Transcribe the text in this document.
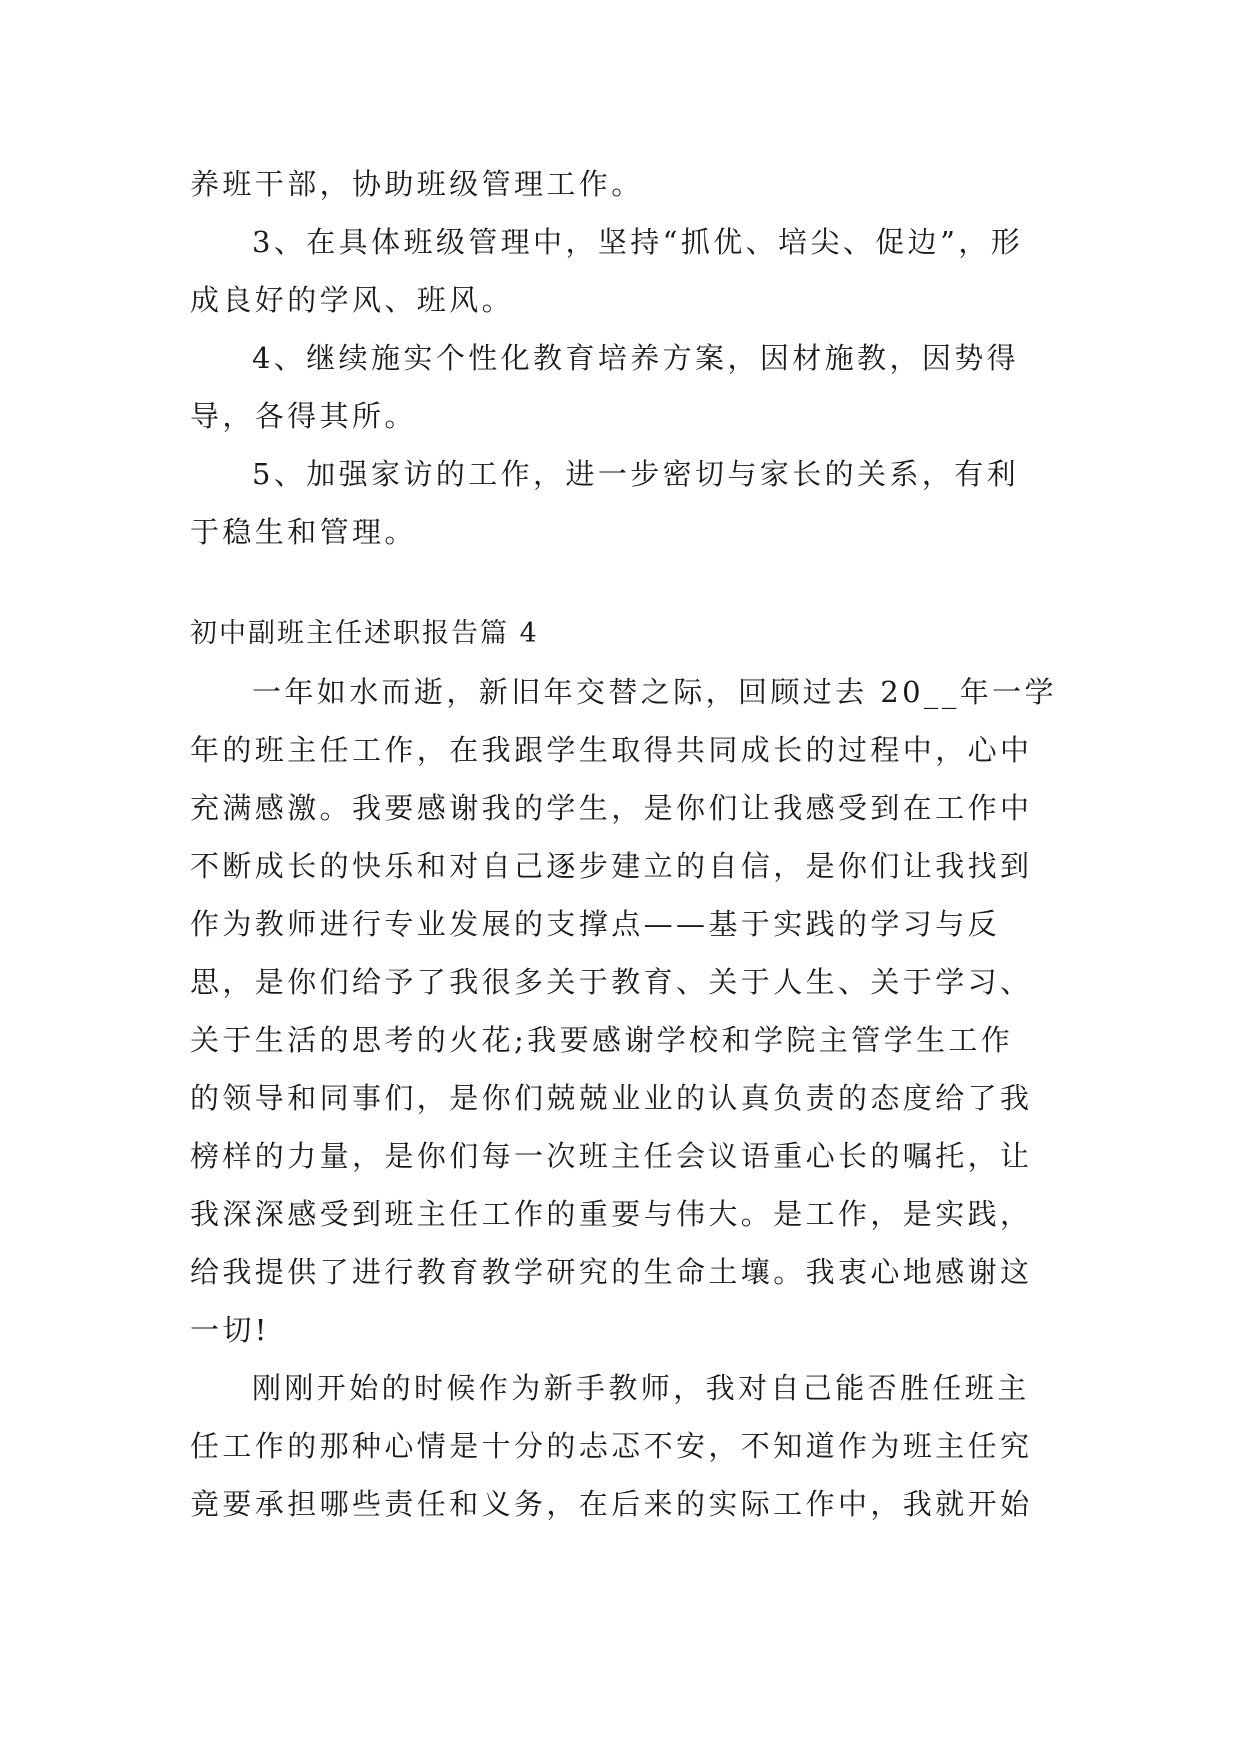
养班干部，协助班级管理工作。
3、在具体班级管理中，坚持“抓优、培尖、促边”，形
成良好的学风、班风。
4、继续施实个性化教育培养方案，因材施教，因势得
导，各得其所。
5、加强家访的工作，进一步密切与家长的关系，有利
于稳生和管理。
初中副班主任述职报告篇 4
一年如水而逝，新旧年交替之际，回顾过去 20__年一学
年的班主任工作，在我跟学生取得共同成长的过程中，心中
充满感激。我要感谢我的学生，是你们让我感受到在工作中
不断成长的快乐和对自己逐步建立的自信，是你们让我找到
作为教师进行专业发展的支撑点——基于实践的学习与反
思，是你们给予了我很多关于教育、关于人生、关于学习、
关于生活的思考的火花;我要感谢学校和学院主管学生工作
的领导和同事们，是你们兢兢业业的认真负责的态度给了我
榜样的力量，是你们每一次班主任会议语重心长的嘱托，让
我深深感受到班主任工作的重要与伟大。是工作，是实践，
给我提供了进行教育教学研究的生命土壤。我衷心地感谢这
一切!
刚刚开始的时候作为新手教师，我对自己能否胜任班主
任工作的那种心情是十分的忐忑不安，不知道作为班主任究
竟要承担哪些责任和义务，在后来的实际工作中，我就开始
